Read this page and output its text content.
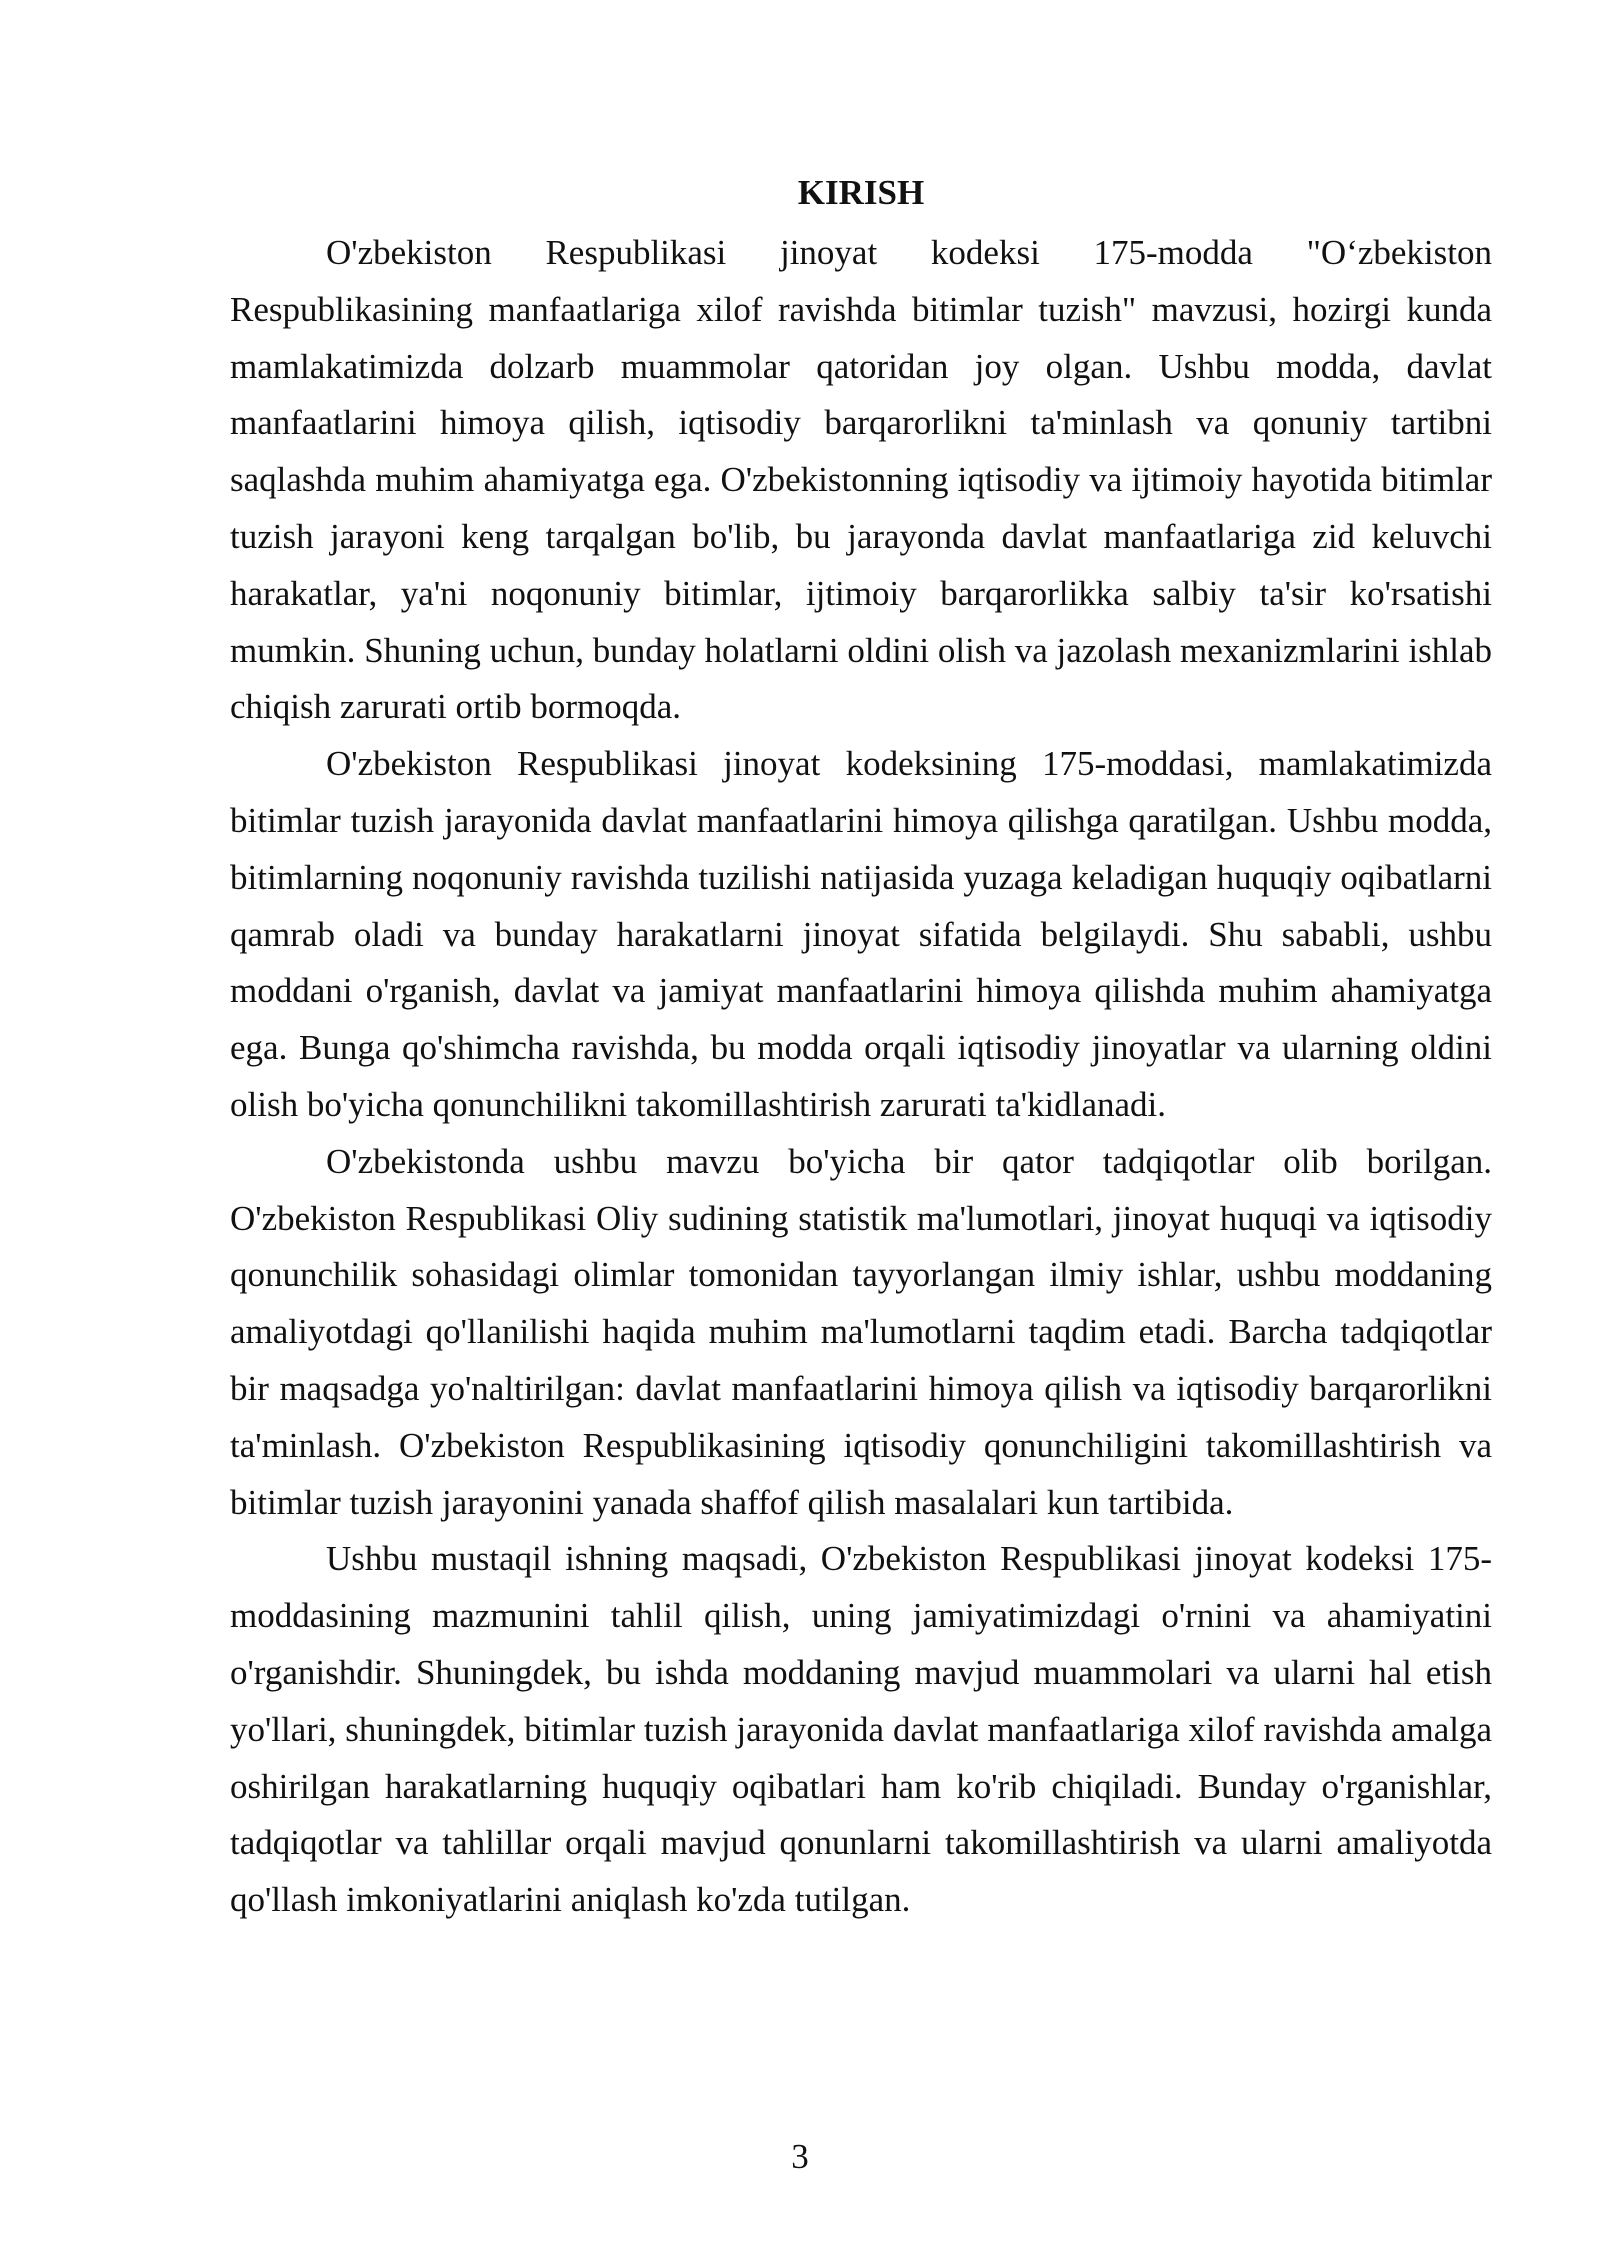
KIRISH

O'zbekiston Respublikasi jinoyat kodeksi 175-modda "O‘zbekiston Respublikasining manfaatlariga xilof ravishda bitimlar tuzish" mavzusi, hozirgi kunda mamlakatimizda dolzarb muammolar qatoridan joy olgan. Ushbu modda, davlat manfaatlarini himoya qilish, iqtisodiy barqarorlikni ta'minlash va qonuniy tartibni saqlashda muhim ahamiyatga ega. O'zbekistonning iqtisodiy va ijtimoiy hayotida bitimlar tuzish jarayoni keng tarqalgan bo'lib, bu jarayonda davlat manfaatlariga zid keluvchi harakatlar, ya'ni noqonuniy bitimlar, ijtimoiy barqarorlikka salbiy ta'sir ko'rsatishi mumkin. Shuning uchun, bunday holatlarni oldini olish va jazolash mexanizmlarini ishlab chiqish zarurati ortib bormoqda.

O'zbekiston Respublikasi jinoyat kodeksining 175-moddasi, mamlakatimizda bitimlar tuzish jarayonida davlat manfaatlarini himoya qilishga qaratilgan. Ushbu modda, bitimlarning noqonuniy ravishda tuzilishi natijasida yuzaga keladigan huquqiy oqibatlarni qamrab oladi va bunday harakatlarni jinoyat sifatida belgilaydi. Shu sababli, ushbu moddani o'rganish, davlat va jamiyat manfaatlarini himoya qilishda muhim ahamiyatga ega. Bunga qo'shimcha ravishda, bu modda orqali iqtisodiy jinoyatlar va ularning oldini olish bo'yicha qonunchilikni takomillashtirish zarurati ta'kidlanadi.

O'zbekistonda ushbu mavzu bo'yicha bir qator tadqiqotlar olib borilgan. O'zbekiston Respublikasi Oliy sudining statistik ma'lumotlari, jinoyat huquqi va iqtisodiy qonunchilik sohasidagi olimlar tomonidan tayyorlangan ilmiy ishlar, ushbu moddaning amaliyotdagi qo'llanilishi haqida muhim ma'lumotlarni taqdim etadi. Barcha tadqiqotlar bir maqsadga yo'naltirilgan: davlat manfaatlarini himoya qilish va iqtisodiy barqarorlikni ta'minlash. O'zbekiston Respublikasining iqtisodiy qonunchiligini takomillashtirish va bitimlar tuzish jarayonini yanada shaffof qilish masalalari kun tartibida.

Ushbu mustaqil ishning maqsadi, O'zbekiston Respublikasi jinoyat kodeksi 175-moddasining mazmunini tahlil qilish, uning jamiyatimizdagi o'rnini va ahamiyatini o'rganishdir. Shuningdek, bu ishda moddaning mavjud muammolari va ularni hal etish yo'llari, shuningdek, bitimlar tuzish jarayonida davlat manfaatlariga xilof ravishda amalga oshirilgan harakatlarning huquqiy oqibatlari ham ko'rib chiqiladi. Bunday o'rganishlar, tadqiqotlar va tahlillar orqali mavjud qonunlarni takomillashtirish va ularni amaliyotda qo'llash imkoniyatlarini aniqlash ko'zda tutilgan.

3
